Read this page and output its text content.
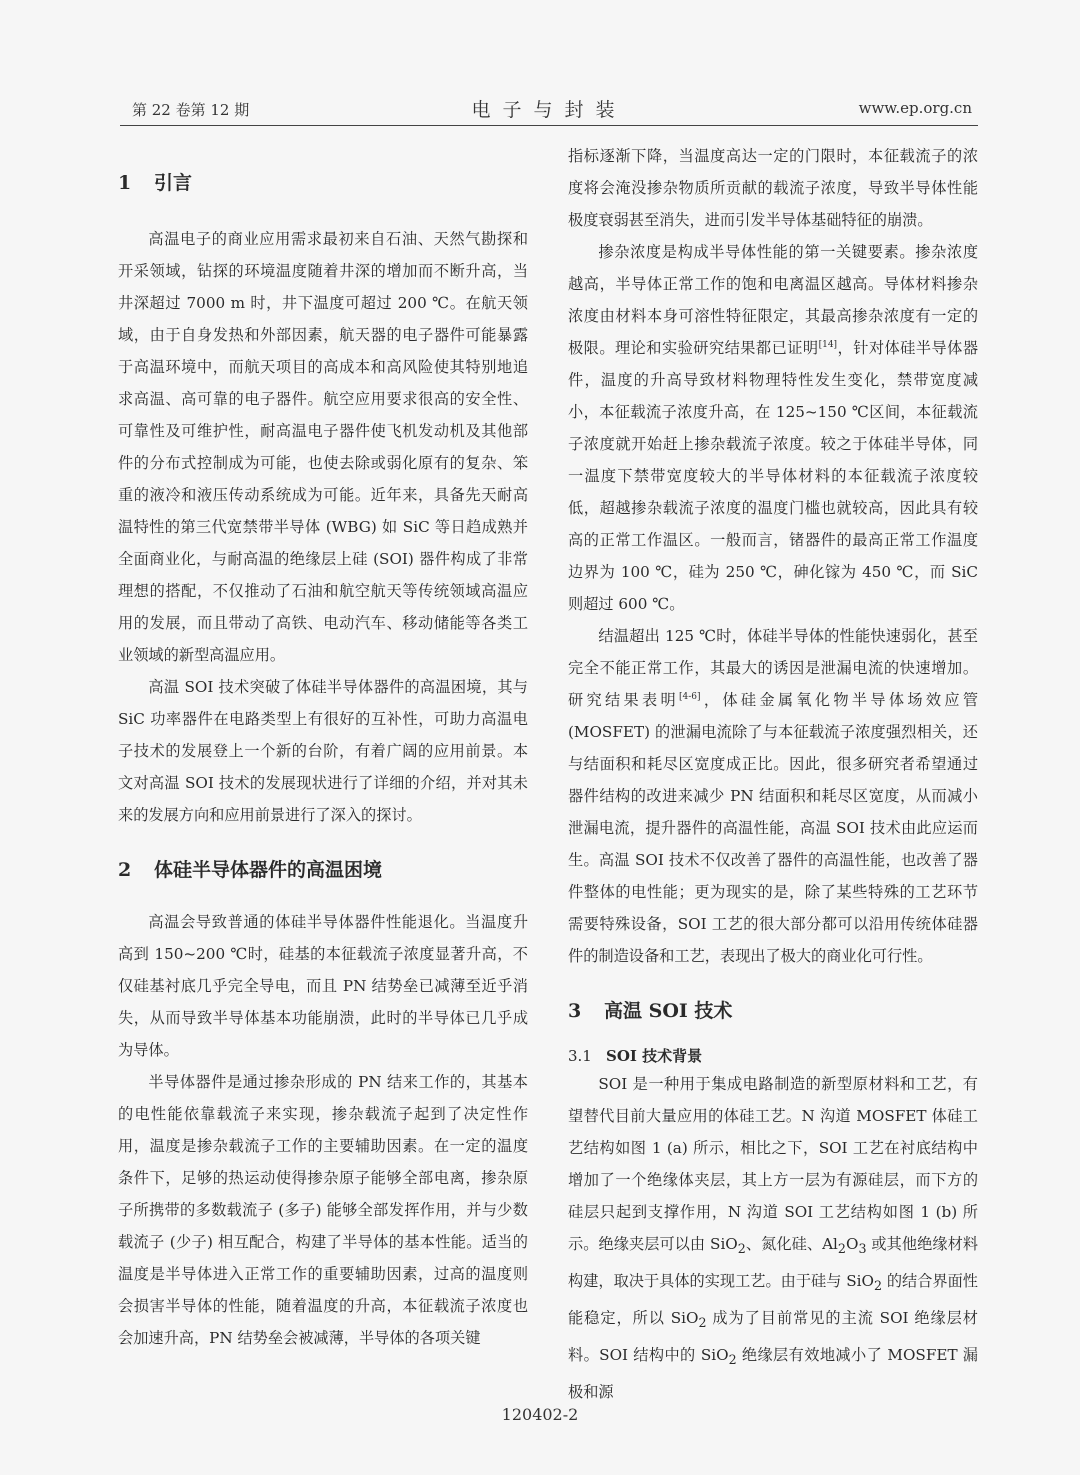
第 22 卷第 12 期	电子与封装	www.ep.org.cn
1 引言

高温电子的商业应用需求最初来自石油、天然气勘探和开采领域，钻探的环境温度随着井深的增加而不断升高，当井深超过 7000 m 时，井下温度可超过 200 ℃。在航天领域，由于自身发热和外部因素，航天器的电子器件可能暴露于高温环境中，而航天项目的高成本和高风险使其特别地追求高温、高可靠的电子器件。航空应用要求很高的安全性、可靠性及可维护性，耐高温电子器件使飞机发动机及其他部件的分布式控制成为可能，也使去除或弱化原有的复杂、笨重的液冷和液压传动系统成为可能。近年来，具备先天耐高温特性的第三代宽禁带半导体 (WBG) 如 SiC 等日趋成熟并全面商业化，与耐高温的绝缘层上硅 (SOI) 器件构成了非常理想的搭配，不仅推动了石油和航空航天等传统领域高温应用的发展，而且带动了高铁、电动汽车、移动储能等各类工业领域的新型高温应用。

高温 SOI 技术突破了体硅半导体器件的高温困境，其与 SiC 功率器件在电路类型上有很好的互补性，可助力高温电子技术的发展登上一个新的台阶，有着广阔的应用前景。本文对高温 SOI 技术的发展现状进行了详细的介绍，并对其未来的发展方向和应用前景进行了深入的探讨。

2 体硅半导体器件的高温困境

高温会导致普通的体硅半导体器件性能退化。当温度升高到 150~200 ℃时，硅基的本征载流子浓度显著升高，不仅硅基衬底几乎完全导电，而且 PN 结势垒已减薄至近乎消失，从而导致半导体基本功能崩溃，此时的半导体已几乎成为导体。

半导体器件是通过掺杂形成的 PN 结来工作的，其基本的电性能依靠载流子来实现，掺杂载流子起到了决定性作用，温度是掺杂载流子工作的主要辅助因素。在一定的温度条件下，足够的热运动使得掺杂原子能够全部电离，掺杂原子所携带的多数载流子 (多子) 能够全部发挥作用，并与少数载流子 (少子) 相互配合，构建了半导体的基本性能。适当的温度是半导体进入正常工作的重要辅助因素，过高的温度则会损害半导体的性能，随着温度的升高，本征载流子浓度也会加速升高，PN 结势垒会被减薄，半导体的各项关键

指标逐渐下降，当温度高达一定的门限时，本征载流子的浓度将会淹没掺杂物质所贡献的载流子浓度，导致半导体性能极度衰弱甚至消失，进而引发半导体基础特征的崩溃。

掺杂浓度是构成半导体性能的第一关键要素。掺杂浓度越高，半导体正常工作的饱和电离温区越高。导体材料掺杂浓度由材料本身可溶性特征限定，其最高掺杂浓度有一定的极限。理论和实验研究结果都已证明[14]，针对体硅半导体器件，温度的升高导致材料物理特性发生变化，禁带宽度减小，本征载流子浓度升高，在 125~150 ℃区间，本征载流子浓度就开始赶上掺杂载流子浓度。较之于体硅半导体，同一温度下禁带宽度较大的半导体材料的本征载流子浓度较低，超越掺杂载流子浓度的温度门槛也就较高，因此具有较高的正常工作温区。一般而言，锗器件的最高正常工作温度边界为 100 ℃，硅为 250 ℃，砷化镓为 450 ℃，而 SiC 则超过 600 ℃。

结温超出 125 ℃时，体硅半导体的性能快速弱化，甚至完全不能正常工作，其最大的诱因是泄漏电流的快速增加。研究结果表明[4-6]，体硅金属氧化物半导体场效应管 (MOSFET) 的泄漏电流除了与本征载流子浓度强烈相关，还与结面积和耗尽区宽度成正比。因此，很多研究者希望通过器件结构的改进来减少 PN 结面积和耗尽区宽度，从而减小泄漏电流，提升器件的高温性能，高温 SOI 技术由此应运而生。高温 SOI 技术不仅改善了器件的高温性能，也改善了器件整体的电性能；更为现实的是，除了某些特殊的工艺环节需要特殊设备，SOI 工艺的很大部分都可以沿用传统体硅器件的制造设备和工艺，表现出了极大的商业化可行性。

3 高温 SOI 技术
3.1 SOI 技术背景

SOI 是一种用于集成电路制造的新型原材料和工艺，有望替代目前大量应用的体硅工艺。N 沟道 MOSFET 体硅工艺结构如图 1 (a) 所示，相比之下，SOI 工艺在衬底结构中增加了一个绝缘体夹层，其上方一层为有源硅层，而下方的硅层只起到支撑作用，N 沟道 SOI 工艺结构如图 1 (b) 所示。绝缘夹层可以由 SiO$_2$、氮化硅、$Al_2O_3$ 或其他绝缘材料构建，取决于具体的实现工艺。由于硅与 SiO$_2$ 的结合界面性能稳定，所以 SiO$_2$ 成为了目前常见的主流 SOI 绝缘层材料。SOI 结构中的 SiO$_2$ 绝缘层有效地减小了 MOSFET 漏极和源

120402-2
